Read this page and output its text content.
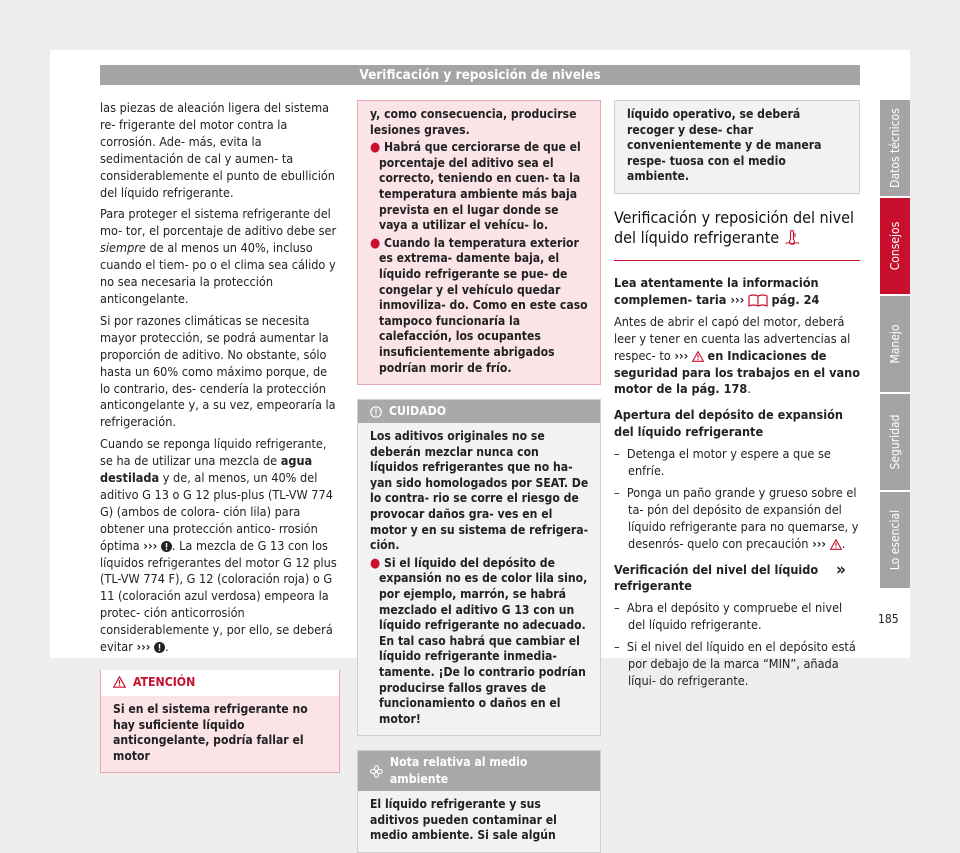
Verificación y reposición de niveles

las piezas de aleación ligera del sistema re- frigerante del motor contra la corrosión. Ade- más, evita la sedimentación de cal y aumen- ta considerablemente el punto de ebullición del líquido refrigerante.

Para proteger el sistema refrigerante del mo- tor, el porcentaje de aditivo debe ser siempre de al menos un 40%, incluso cuando el tiem- po o el clima sea cálido y no sea necesaria la protección anticongelante.

Si por razones climáticas se necesita mayor protección, se podrá aumentar la proporción de aditivo. No obstante, sólo hasta un 60% como máximo porque, de lo contrario, des- cendería la protección anticongelante y, a su vez, empeoraría la refrigeración.

Cuando se reponga líquido refrigerante, se ha de utilizar una mezcla de agua destilada y de, al menos, un 40% del aditivo G 13 o G 12 plus-plus (TL-VW 774 G) (ambos de colora- ción lila) para obtener una protección antico- rrosión óptima ››› . La mezcla de G 13 con los líquidos refrigerantes del motor G 12 plus (TL-VW 774 F), G 12 (coloración roja) o G 11 (coloración azul verdosa) empeora la protec- ción anticorrosión considerablemente y, por ello, se deberá evitar ››› .

ATENCIÓN
Si en el sistema refrigerante no hay suficiente líquido anticongelante, podría fallar el motor

y, como consecuencia, producirse lesiones graves.

● Habrá que cerciorarse de que el porcentaje del aditivo sea el correcto, teniendo en cuen- ta la temperatura ambiente más baja prevista en el lugar donde se vaya a utilizar el vehícu- lo.

● Cuando la temperatura exterior es extrema- damente baja, el líquido refrigerante se pue- de congelar y el vehículo quedar inmoviliza- do. Como en este caso tampoco funcionaría la calefacción, los ocupantes insuficientemente abrigados podrían morir de frío.

CUIDADO

Los aditivos originales no se deberán mezclar nunca con líquidos refrigerantes que no ha- yan sido homologados por SEAT. De lo contra- rio se corre el riesgo de provocar daños gra- ves en el motor y en su sistema de refrigera- ción.

● Si el líquido del depósito de expansión no es de color lila sino, por ejemplo, marrón, se habrá mezclado el aditivo G 13 con un líquido refrigerante no adecuado. En tal caso habrá que cambiar el líquido refrigerante inmedia- tamente. ¡De lo contrario podrían producirse fallos graves de funcionamiento o daños en el motor!

Nota relativa al medio ambiente
El líquido refrigerante y sus aditivos pueden contaminar el medio ambiente. Si sale algún
líquido operativo, se deberá recoger y dese- char convenientemente y de manera respe- tuosa con el medio ambiente.
Verificación y reposición del nivel del líquido refrigerante

Lea atentamente la información complemen- taria ››› pág. 24

Antes de abrir el capó del motor, deberá leer y tener en cuenta las advertencias al respec- to ››› en Indicaciones de seguridad para los trabajos en el vano motor de la pág. 178.

Apertura del depósito de expansión del líquido refrigerante

– Detenga el motor y espere a que se enfríe.

– Ponga un paño grande y grueso sobre el ta- pón del depósito de expansión del líquido refrigerante para no quemarse, y desenrós- quelo con precaución ››› .

Verificación del nivel del líquido refrigerante

– Abra el depósito y compruebe el nivel del líquido refrigerante.

– Si el nivel del líquido en el depósito está por debajo de la marca “MIN”, añada líqui- do refrigerante.

»
Datos técnicos
Consejos
Manejo
Seguridad
Lo esencial
185
